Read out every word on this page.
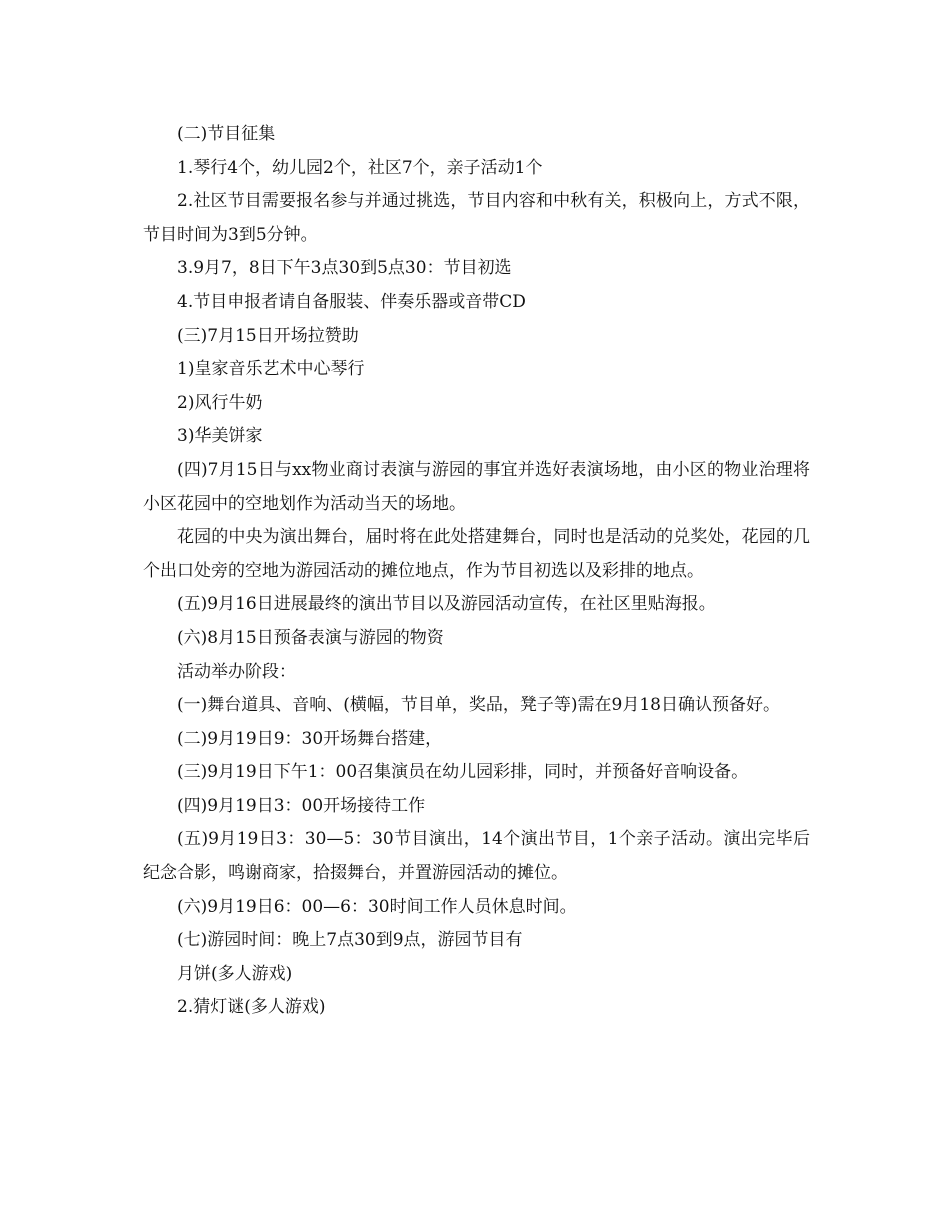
(二)节目征集

1.琴行4个，幼儿园2个，社区7个，亲子活动1个

2.社区节目需要报名参与并通过挑选，节目内容和中秋有关，积极向上，方式不限，节目时间为3到5分钟。

3.9月7，8日下午3点30到5点30：节目初选

4.节目申报者请自备服装、伴奏乐器或音带CD

(三)7月15日开场拉赞助

1)皇家音乐艺术中心琴行

2)风行牛奶

3)华美饼家

(四)7月15日与xx物业商讨表演与游园的事宜并选好表演场地，由小区的物业治理将小区花园中的空地划作为活动当天的场地。

花园的中央为演出舞台，届时将在此处搭建舞台，同时也是活动的兑奖处，花园的几个出口处旁的空地为游园活动的摊位地点，作为节目初选以及彩排的地点。

(五)9月16日进展最终的演出节目以及游园活动宣传，在社区里贴海报。

(六)8月15日预备表演与游园的物资

活动举办阶段：

(一)舞台道具、音响、(横幅，节目单，奖品，凳子等)需在9月18日确认预备好。

(二)9月19日9：30开场舞台搭建，

(三)9月19日下午1：00召集演员在幼儿园彩排，同时，并预备好音响设备。

(四)9月19日3：00开场接待工作

(五)9月19日3：30—5：30节目演出，14个演出节目，1个亲子活动。演出完毕后纪念合影，鸣谢商家，拾掇舞台，并置游园活动的摊位。

(六)9月19日6：00—6：30时间工作人员休息时间。

(七)游园时间：晚上7点30到9点，游园节目有

月饼(多人游戏)

2.猜灯谜(多人游戏)
